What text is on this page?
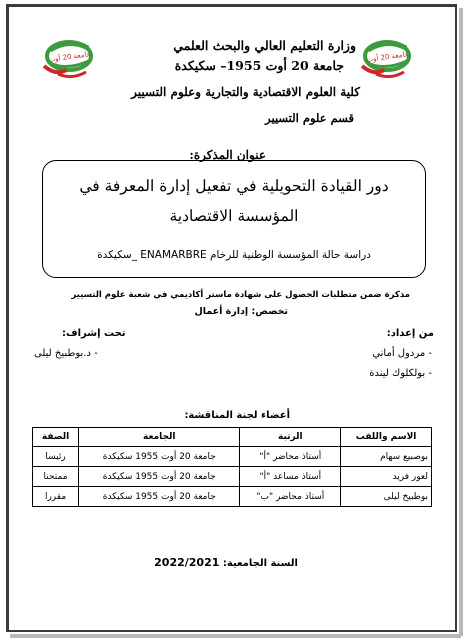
جامعة 20 أوت	جامعة 20 أوت
وزارة التعليم العالي والبحث العلمي
جامعة 20 أوت 1955– سكيكدة
كلية العلوم الاقتصادية والتجارية وعلوم التسيير
قسم علوم التسيير
عنوان المذكرة:
دور القيادة التحويلية في تفعيل إدارة المعرفة في المؤسسة الاقتصادية
دراسة حالة المؤسسة الوطنية للرخام ENAMARBRE _سكيكدة
مذكرة ضمن متطلبات الحصول على شهادة ماستر أكاديمي في شعبة علوم التسيير
تخصص: إدارة أعمال
من إعداد:
تحت إشراف:
- مردول أماني
- بولكلوك ليندة
- د.بوطبيخ ليلى
أعضاء لجنة المناقشة:
الاسم واللقب	الرتبة	الجامعة	الصفة
بوصبيع سهام	أستاذ محاضر "أ"	جامعة 20 أوت 1955 سكيكدة	رئيسا
لعور فريد	أستاذ مساعد "أ"	جامعة 20 أوت 1955 سكيكدة	ممتحنا
بوطبيخ ليلى	أستاذ محاضر "ب"	جامعة 20 أوت 1955 سكيكدة	مقررا
السنة الجامعية: 2022/2021
